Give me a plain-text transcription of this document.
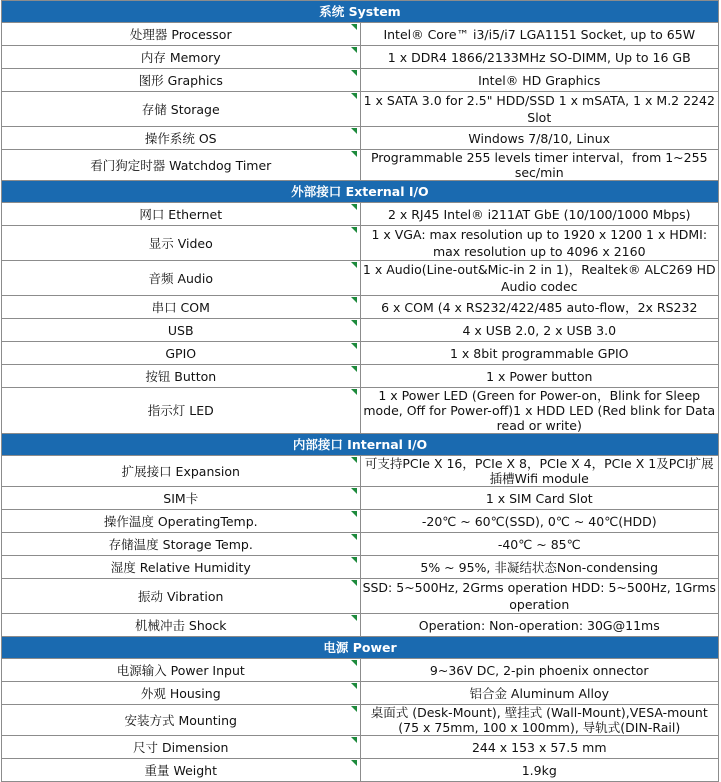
系统 System	
处理器 Processor	Intel® Core™ i3/i5/i7 LGA1151 Socket, up to 65W
内存 Memory	1 x DDR4 1866/2133MHz SO-DIMM, Up to 16 GB
图形 Graphics	Intel® HD Graphics
存储 Storage	1 x SATA 3.0 for 2.5" HDD/SSD 1 x mSATA, 1 x M.2 2242 Slot
操作系统 OS	Windows 7/8/10, Linux
看门狗定时器 Watchdog Timer	Programmable 255 levels timer interval，from 1~255 sec/min
外部接口 External I/O	
网口 Ethernet	2 x RJ45 Intel® i211AT GbE (10/100/1000 Mbps)
显示 Video	1 x VGA: max resolution up to 1920 x 1200 1 x HDMI: max resolution up to 4096 x 2160
音频 Audio	1 x Audio(Line-out&Mic-in 2 in 1)，Realtek® ALC269 HD Audio codec
串口 COM	6 x COM (4 x RS232/422/485 auto-flow，2x RS232
USB	4 x USB 2.0, 2 x USB 3.0
GPIO	1 x 8bit programmable GPIO
按钮 Button	1 x Power button
指示灯 LED	1 x Power LED (Green for Power-on，Blink for Sleep mode, Off for Power-off)1 x HDD LED (Red blink for Data read or write)
内部接口 Internal I/O	
扩展接口 Expansion	可支持PCIe X 16，PCIe X 8，PCIe X 4，PCIe X 1及PCI扩展插槽Wifi module
SIM卡	1 x SIM Card Slot
操作温度 OperatingTemp.	-20℃ ~ 60℃(SSD), 0℃ ~ 40℃(HDD)
存储温度 Storage Temp.	-40℃ ~ 85℃
湿度 Relative Humidity	5% ~ 95%, 非凝结状态Non-condensing
振动 Vibration	SSD: 5~500Hz, 2Grms operation HDD: 5~500Hz, 1Grms operation
机械冲击 Shock	Operation: Non-operation: 30G@11ms
电源 Power	
电源输入 Power Input	9~36V DC, 2-pin phoenix onnector
外观 Housing	铝合金 Aluminum Alloy
安装方式 Mounting	桌面式 (Desk-Mount), 壁挂式 (Wall-Mount),VESA-mount (75 x 75mm, 100 x 100mm), 导轨式(DIN-Rail)
尺寸 Dimension	244 x 153 x 57.5 mm
重量 Weight	1.9kg
